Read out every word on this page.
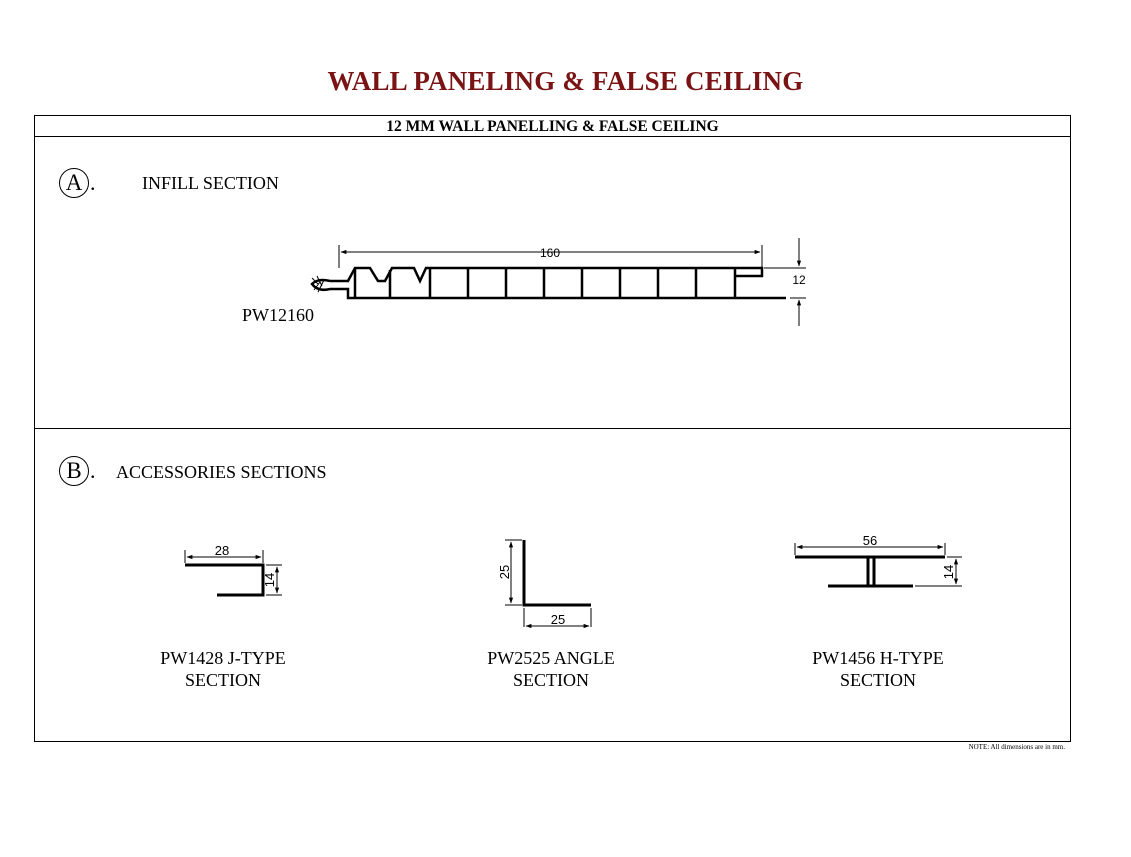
WALL PANELING & FALSE CEILING
12 MM WALL PANELLING & FALSE CEILING
A .	INFILL SECTION
PW12160
B . ACCESSORIES SECTIONS
PW1428 J-TYPE
SECTION
PW2525 ANGLE
SECTION
PW1456 H-TYPE
SECTION
160
12
28
14
25
25
56
14
NOTE: All dimensions are in mm.
